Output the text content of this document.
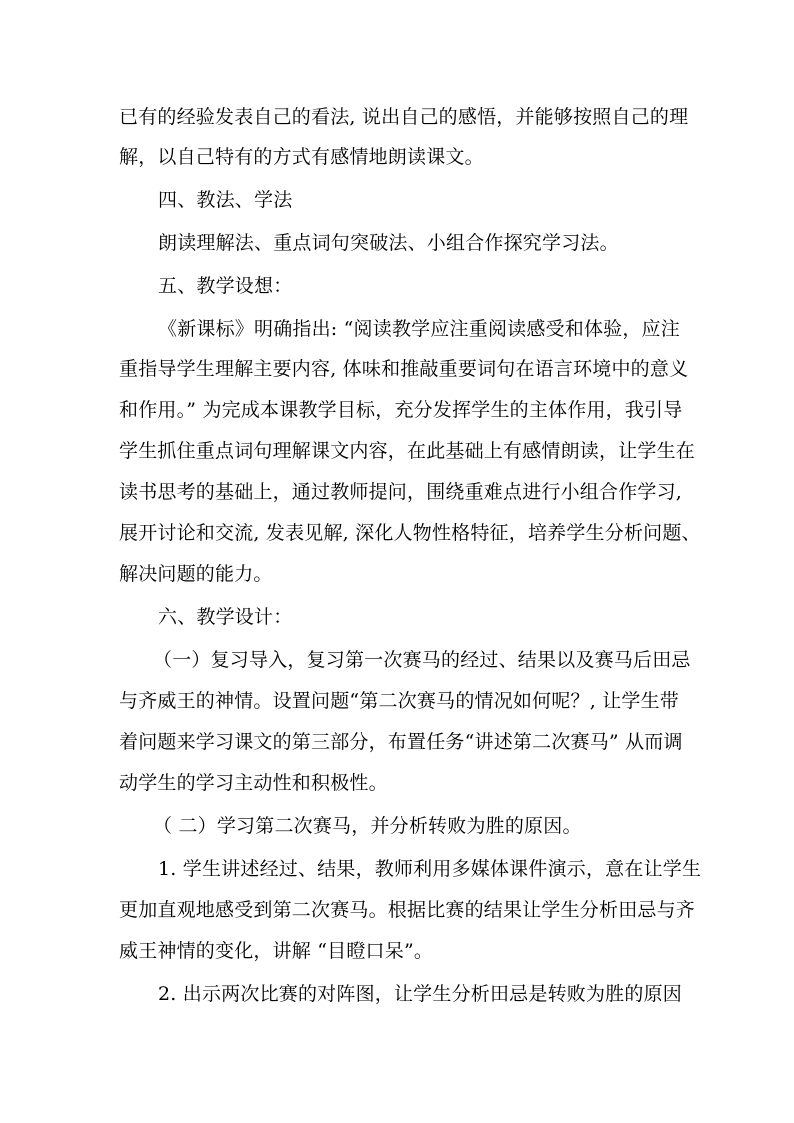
已有的经验发表自己的看法, 说出自己的感悟，并能够按照自己的理
解，以自己特有的方式有感情地朗读课文。
四、教法、学法
朗读理解法、重点词句突破法、小组合作探究学习法。
五、教学设想：
《新课标》明确指出: “阅读教学应注重阅读感受和体验，应注
重指导学生理解主要内容, 体味和推敲重要词句在语言环境中的意义
和作用。” 为完成本课教学目标，充分发挥学生的主体作用，我引导
学生抓住重点词句理解课文内容，在此基础上有感情朗读，让学生在
读书思考的基础上，通过教师提问，围绕重难点进行小组合作学习,
展开讨论和交流, 发表见解, 深化人物性格特征，培养学生分析问题、
解决问题的能力。
六、教学设计：
（一）复习导入，复习第一次赛马的经过、结果以及赛马后田忌
与齐威王的神情。设置问题“第二次赛马的情况如何呢？, 让学生带
着问题来学习课文的第三部分，布置任务“讲述第二次赛马” 从而调
动学生的学习主动性和积极性。
（ 二）学习第二次赛马，并分析转败为胜的原因。
1. 学生讲述经过、结果，教师利用多媒体课件演示，意在让学生
更加直观地感受到第二次赛马。根据比赛的结果让学生分析田忌与齐
威王神情的变化，讲解 “目瞪口呆”。
2. 出示两次比赛的对阵图，让学生分析田忌是转败为胜的原因
